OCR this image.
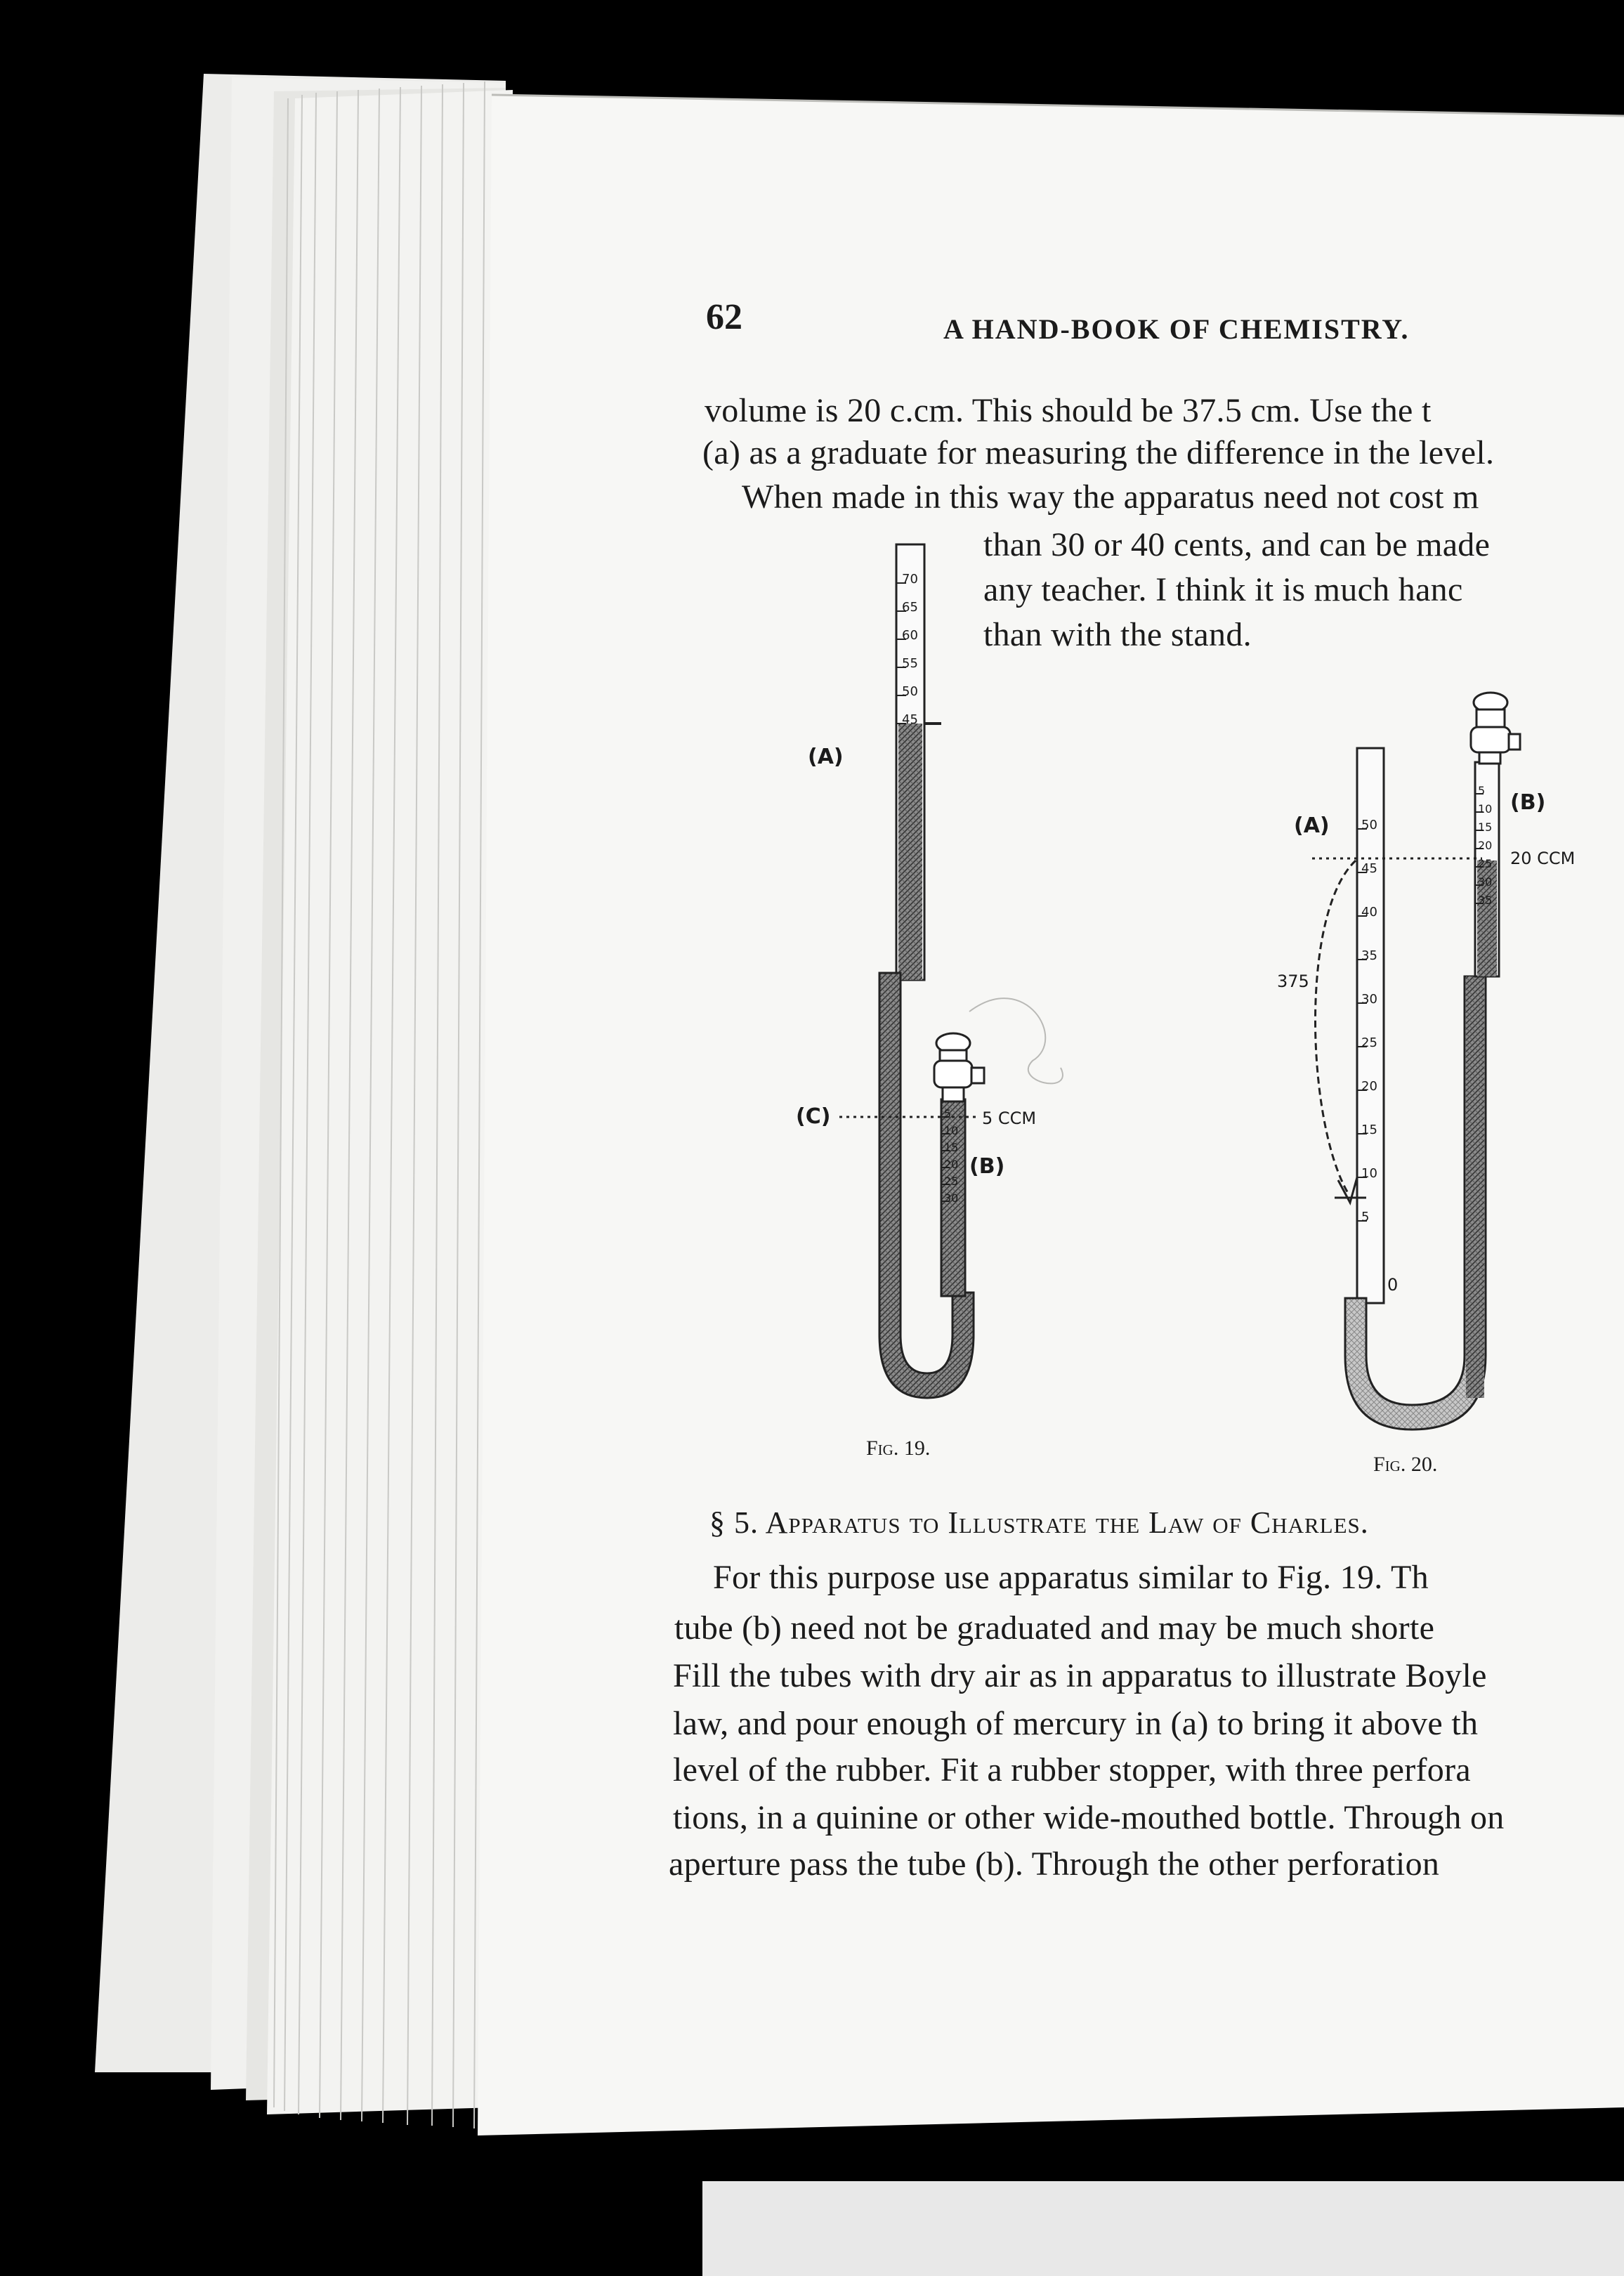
62	A HAND-BOOK OF CHEMISTRY.
volume is 20 c.cm. This should be 37.5 cm. Use the t
(a) as a graduate for measuring the difference in the level.
When made in this way the apparatus need not cost m
than 30 or 40 cents, and can be made
any teacher. I think it is much hanc
than with the stand.
(A)
(C)	5 CCM
(B)
Fig. 19.
(A)
(B)
20 CCM
375
0
Fig. 20.
70
65
60
55
50
45
5
10
15
20
25
30
50
45
40
35
30
25
20
15
10
5
5
10
15
20
25
30
35
§ 5. Apparatus to Illustrate the Law of Charles.
For this purpose use apparatus similar to Fig. 19. Th
tube (b) need not be graduated and may be much shorte
Fill the tubes with dry air as in apparatus to illustrate Boyle
law, and pour enough of mercury in (a) to bring it above th
level of the rubber. Fit a rubber stopper, with three perfora
tions, in a quinine or other wide-mouthed bottle. Through on
aperture pass the tube (b). Through the other perforation
